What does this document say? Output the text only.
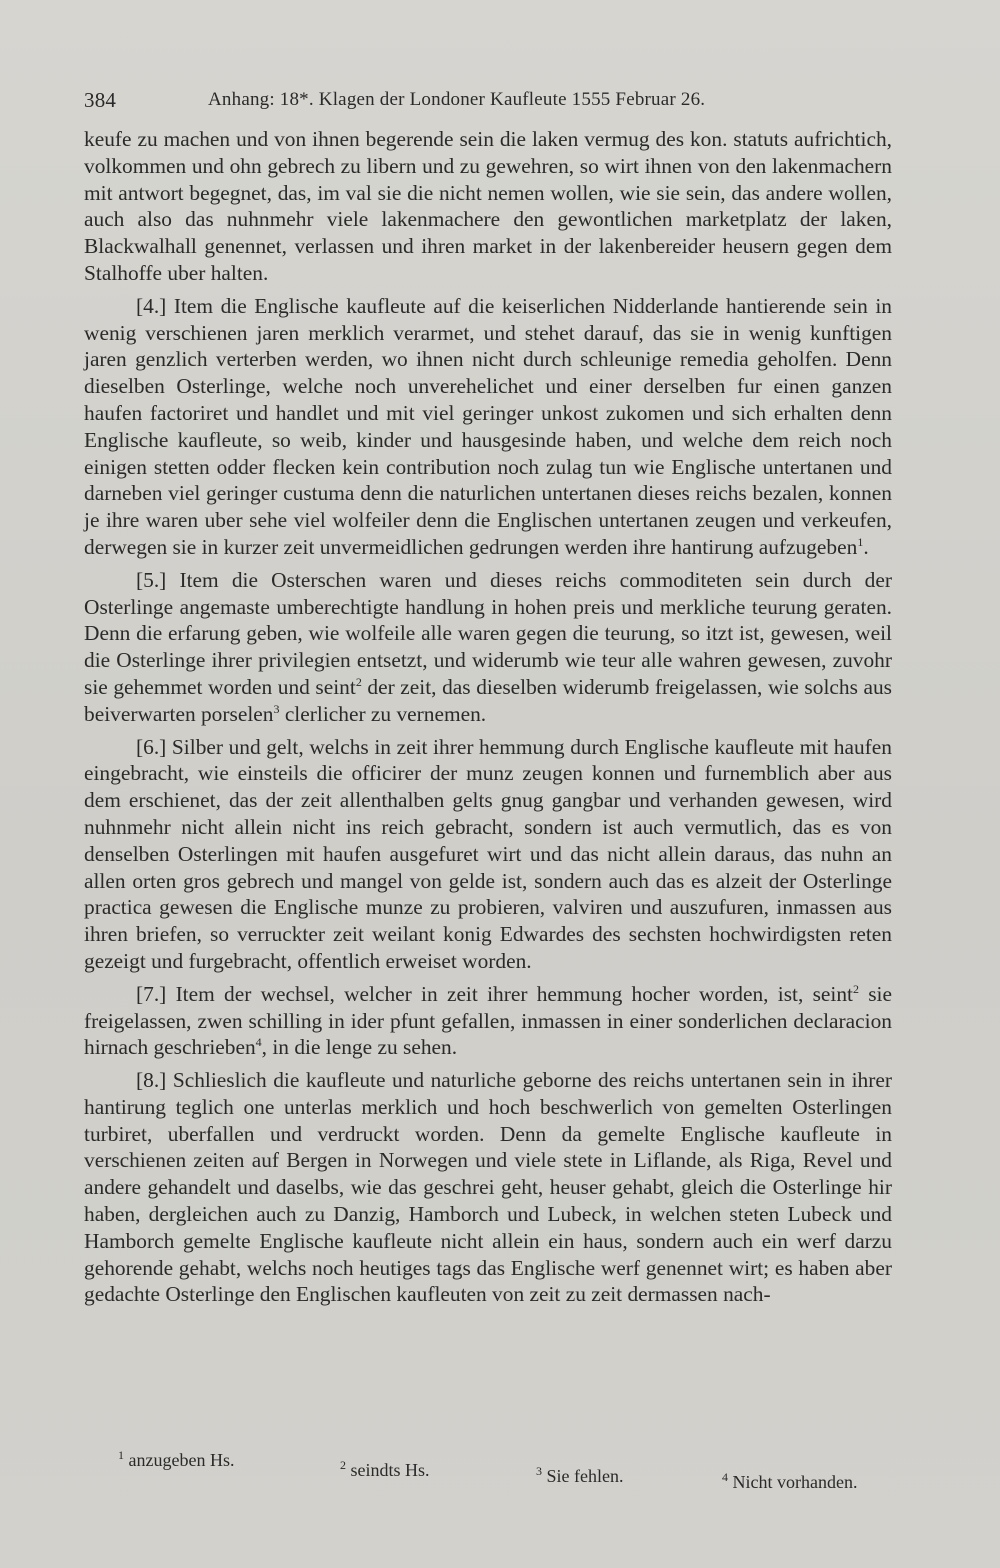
384	Anhang: 18*. Klagen der Londoner Kaufleute 1555 Februar 26.

keufe zu machen und von ihnen begerende sein die laken vermug des kon. statuts aufrichtich, volkommen und ohn gebrech zu libern und zu gewehren, so wirt ihnen von den lakenmachern mit antwort begegnet, das, im val sie die nicht nemen wollen, wie sie sein, das andere wollen, auch also das nuhnmehr viele lakenmachere den gewontlichen marketplatz der laken, Blackwalhall genennet, verlassen und ihren market in der lakenbereider heusern gegen dem Stalhoffe uber halten.

[4.] Item die Englische kaufleute auf die keiserlichen Nidderlande hantierende sein in wenig verschienen jaren merklich verarmet, und stehet darauf, das sie in wenig kunftigen jaren genzlich verterben werden, wo ihnen nicht durch schleunige remedia geholfen. Denn dieselben Osterlinge, welche noch unverehelichet und einer derselben fur einen ganzen haufen factoriret und handlet und mit viel geringer unkost zukomen und sich erhalten denn Englische kaufleute, so weib, kinder und hausgesinde haben, und welche dem reich noch einigen stetten odder flecken kein contribution noch zulag tun wie Englische untertanen und darneben viel geringer custuma denn die naturlichen untertanen dieses reichs bezalen, konnen je ihre waren uber sehe viel wolfeiler denn die Englischen untertanen zeugen und verkeufen, derwegen sie in kurzer zeit unvermeidlichen gedrungen werden ihre hantirung aufzugeben$^1$.

[5.] Item die Osterschen waren und dieses reichs commoditeten sein durch der Osterlinge angemaste umberechtigte handlung in hohen preis und merkliche teurung geraten. Denn die erfarung geben, wie wolfeile alle waren gegen die teurung, so itzt ist, gewesen, weil die Osterlinge ihrer privilegien entsetzt, und widerumb wie teur alle wahren gewesen, zuvohr sie gehemmet worden und seint$^2$ der zeit, das dieselben widerumb freigelassen, wie solchs aus beiverwarten porselen$^3$ clerlicher zu vernemen.

[6.] Silber und gelt, welchs in zeit ihrer hemmung durch Englische kaufleute mit haufen eingebracht, wie einsteils die officirer der munz zeugen konnen und furnemblich aber aus dem erschienet, das der zeit allenthalben gelts gnug gangbar und verhanden gewesen, wird nuhnmehr nicht allein nicht ins reich gebracht, sondern ist auch vermutlich, das es von denselben Osterlingen mit haufen ausgefuret wirt und das nicht allein daraus, das nuhn an allen orten gros gebrech und mangel von gelde ist, sondern auch das es alzeit der Osterlinge practica gewesen die Englische munze zu probieren, valviren und auszufuren, inmassen aus ihren briefen, so verruckter zeit weilant konig Edwardes des sechsten hochwirdigsten reten gezeigt und furgebracht, offentlich erweiset worden.

[7.] Item der wechsel, welcher in zeit ihrer hemmung hocher worden, ist, seint$^2$ sie freigelassen, zwen schilling in ider pfunt gefallen, inmassen in einer sonderlichen declaracion hirnach geschrieben$^4$, in die lenge zu sehen.

[8.] Schlieslich die kaufleute und naturliche geborne des reichs untertanen sein in ihrer hantirung teglich one unterlas merklich und hoch beschwerlich von gemelten Osterlingen turbiret, uberfallen und verdruckt worden. Denn da gemelte Englische kaufleute in verschienen zeiten auf Bergen in Norwegen und viele stete in Liflande, als Riga, Revel und andere gehandelt und daselbs, wie das geschrei geht, heuser gehabt, gleich die Osterlinge hir haben, dergleichen auch zu Danzig, Hamborch und Lubeck, in welchen steten Lubeck und Hamborch gemelte Englische kaufleute nicht allein ein haus, sondern auch ein werf darzu gehorende gehabt, welchs noch heutiges tags das Englische werf genennet wirt; es haben aber gedachte Osterlinge den Englischen kaufleuten von zeit zu zeit dermassen nach-

$^1$ anzugeben Hs.	$^2$ seindts Hs.	$^3$ Sie fehlen.	$^4$ Nicht vorhanden.
